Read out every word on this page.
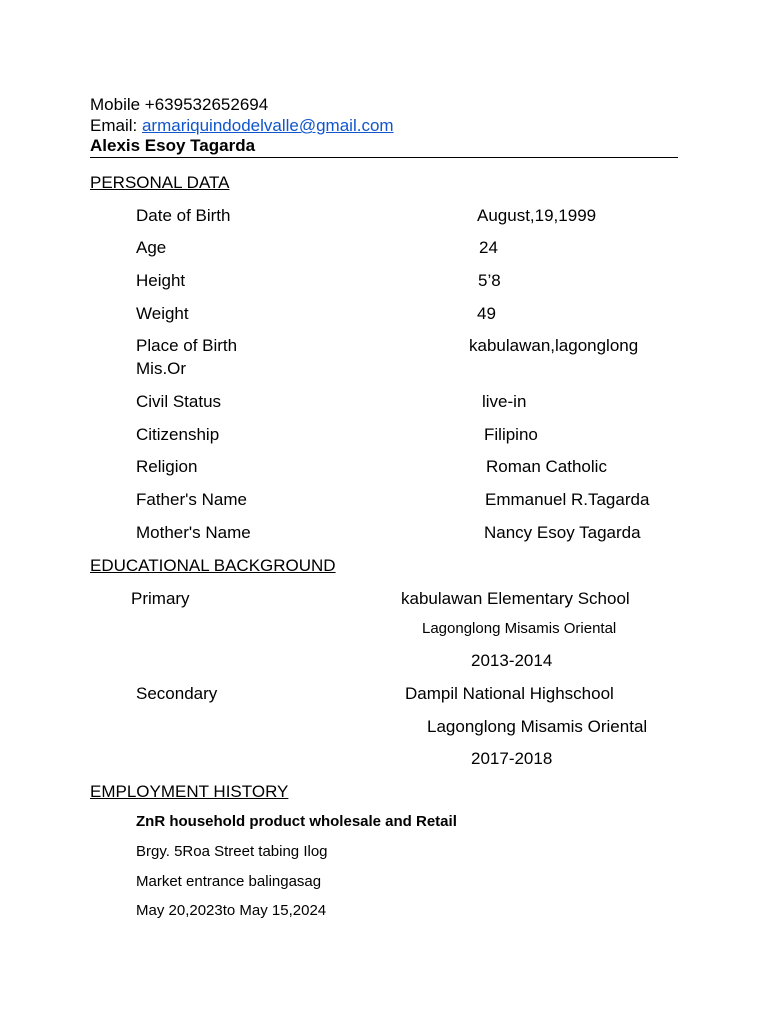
Mobile +639532652694
Email: armariquindodelvalle@gmail.com
Alexis Esoy Tagarda
PERSONAL DATA
Date of Birth	August,19,1999
Age	24
Height	5’8
Weight	49
Place of Birth	kabulawan,lagonglong
Mis.Or
Civil Status	live-in
Citizenship	Filipino
Religion	Roman Catholic
Father's Name	Emmanuel R.Tagarda
Mother's Name	Nancy Esoy Tagarda
EDUCATIONAL BACKGROUND
Primary	kabulawan Elementary School
Lagonglong Misamis Oriental
2013-2014
Secondary	Dampil National Highschool
Lagonglong Misamis Oriental
2017-2018
EMPLOYMENT HISTORY
ZnR household product wholesale and Retail
Brgy. 5Roa Street tabing Ilog
Market entrance balingasag
May 20,2023to May 15,2024
